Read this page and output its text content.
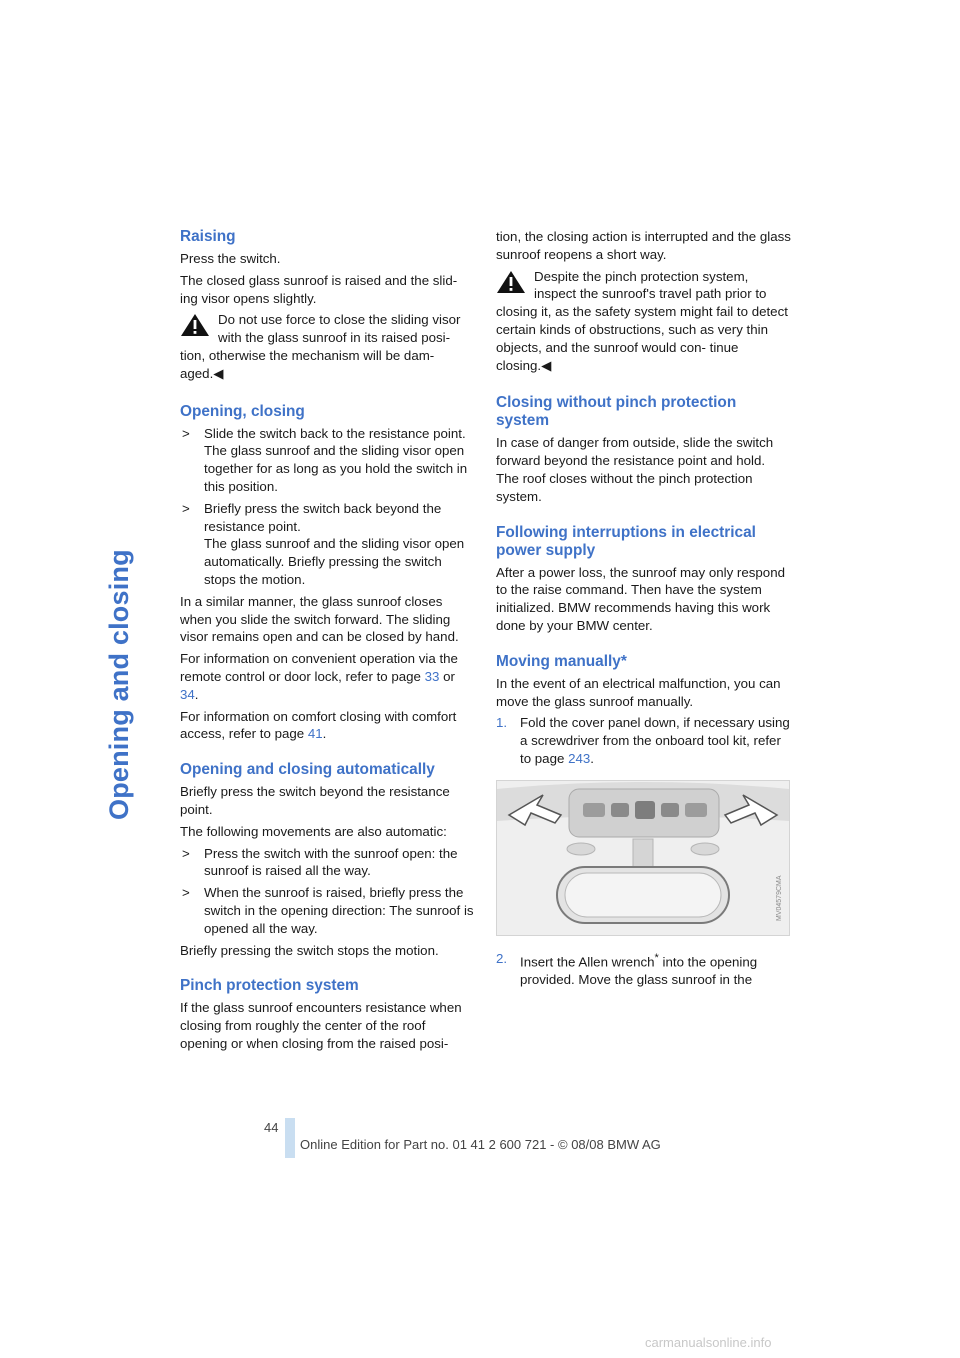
Opening and closing
Raising

Press the switch.

The closed glass sunroof is raised and the slid- ing visor opens slightly.

Do not use force to close the sliding visor with the glass sunroof in its raised posi- tion, otherwise the mechanism will be dam- aged.◀
Opening, closing
> Slide the switch back to the resistance point.
The glass sunroof and the sliding visor open together for as long as you hold the switch in this position.
> Briefly press the switch back beyond the resistance point.
The glass sunroof and the sliding visor open automatically. Briefly pressing the switch stops the motion.

In a similar manner, the glass sunroof closes when you slide the switch forward. The sliding visor remains open and can be closed by hand.

For information on convenient operation via the remote control or door lock, refer to page 33 or 34.

For information on comfort closing with comfort access, refer to page 41.

Opening and closing automatically

Briefly press the switch beyond the resistance point.

The following movements are also automatic:

> Press the switch with the sunroof open: the sunroof is raised all the way.
> When the sunroof is raised, briefly press the switch in the opening direction: The sunroof is opened all the way.

Briefly pressing the switch stops the motion.

Pinch protection system

If the glass sunroof encounters resistance when closing from roughly the center of the roof opening or when closing from the raised posi-

tion, the closing action is interrupted and the glass sunroof reopens a short way.

Despite the pinch protection system, inspect the sunroof's travel path prior to closing it, as the safety system might fail to detect certain kinds of obstructions, such as very thin objects, and the sunroof would con- tinue closing.◀
Closing without pinch protection system

In case of danger from outside, slide the switch forward beyond the resistance point and hold. The roof closes without the pinch protection system.

Following interruptions in electrical power supply

After a power loss, the sunroof may only respond to the raise command. Then have the system initialized. BMW recommends having this work done by your BMW center.

Moving manually*

In the event of an electrical malfunction, you can move the glass sunroof manually.

1. Fold the cover panel down, if necessary using a screwdriver from the onboard tool kit, refer to page 243.
MV04579CMA
2. Insert the Allen wrench* into the opening provided. Move the glass sunroof in the
44
Online Edition for Part no. 01 41 2 600 721 - © 08/08 BMW AG
carmanualsonline.info
